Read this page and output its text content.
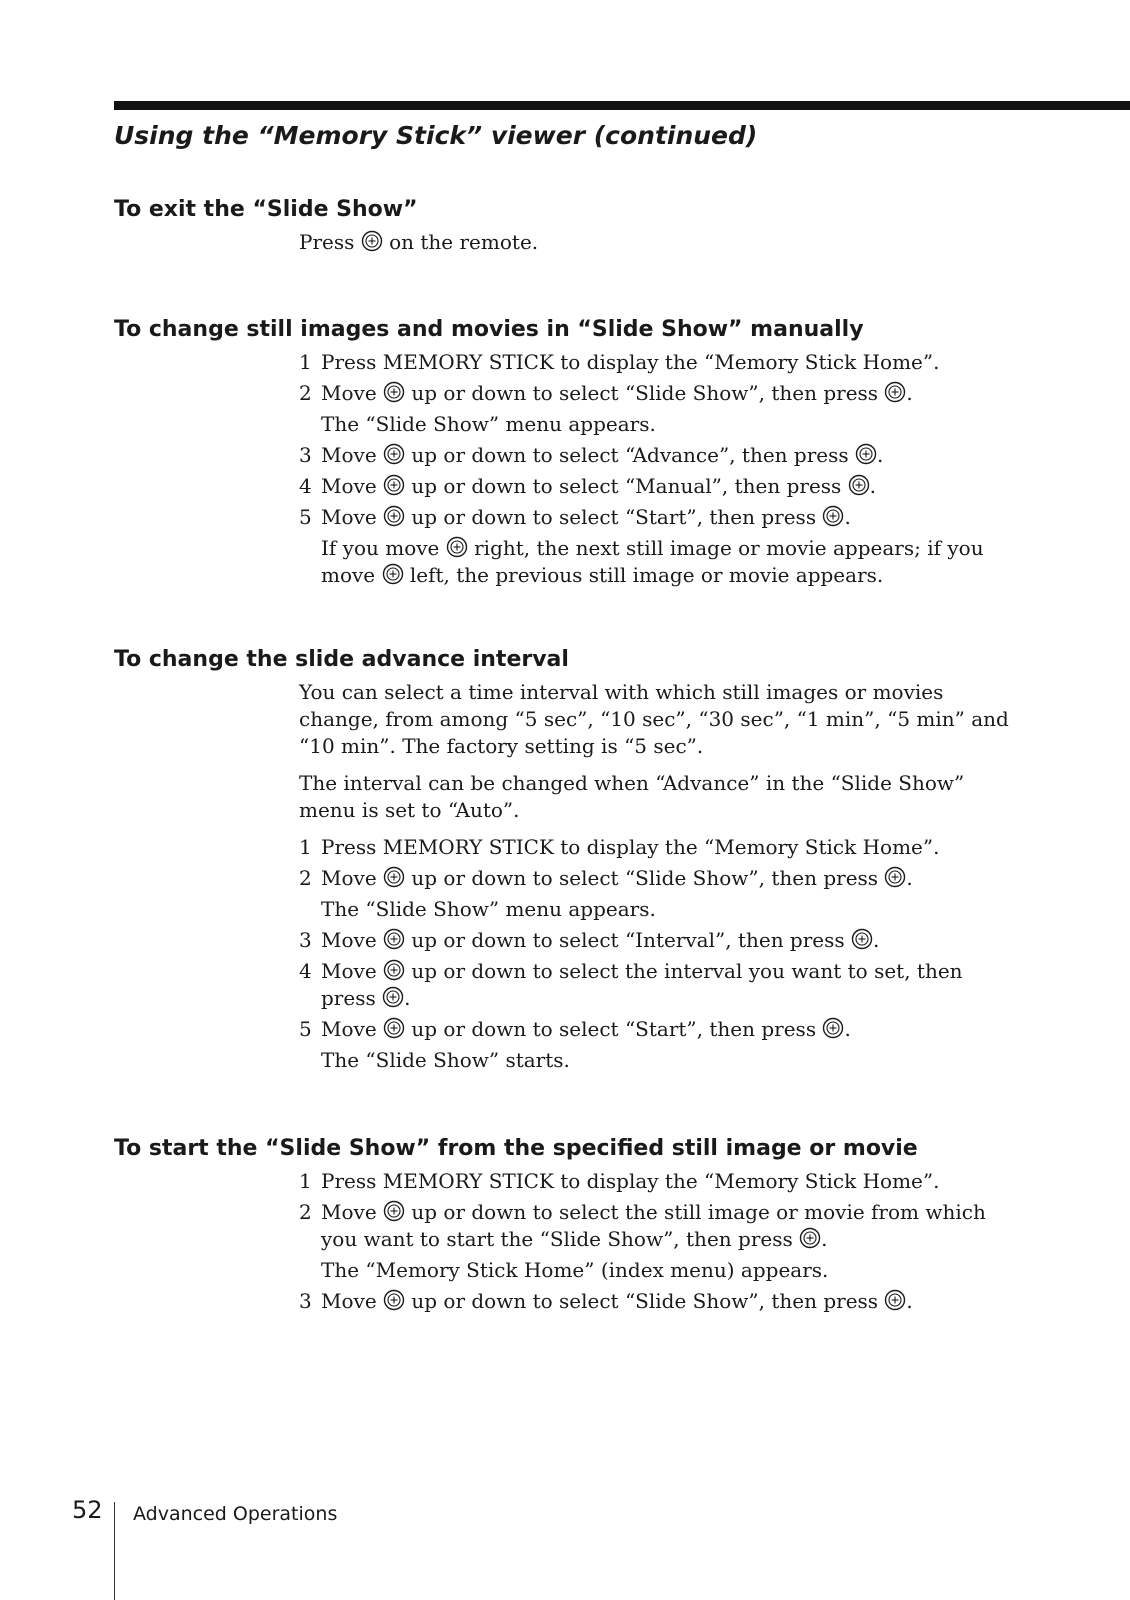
Using the “Memory Stick” viewer (continued)
To exit the “Slide Show”

Press on the remote.

To change still images and movies in “Slide Show” manually
1 Press MEMORY STICK to display the “Memory Stick Home”.
2 Move up or down to select “Slide Show”, then press .
The “Slide Show” menu appears.
3 Move up or down to select “Advance”, then press .
4 Move up or down to select “Manual”, then press .
5 Move up or down to select “Start”, then press .
If you move right, the next still image or movie appears; if you move left, the previous still image or movie appears.
To change the slide advance interval

You can select a time interval with which still images or movies change, from among “5 sec”, “10 sec”, “30 sec”, “1 min”, “5 min” and “10 min”. The factory setting is “5 sec”.

The interval can be changed when “Advance” in the “Slide Show” menu is set to “Auto”.

1 Press MEMORY STICK to display the “Memory Stick Home”.
2 Move up or down to select “Slide Show”, then press .
The “Slide Show” menu appears.
3 Move up or down to select “Interval”, then press .
4 Move up or down to select the interval you want to set, then press .
5 Move up or down to select “Start”, then press .
The “Slide Show” starts.
To start the “Slide Show” from the specified still image or movie
1 Press MEMORY STICK to display the “Memory Stick Home”.
2 Move up or down to select the still image or movie from which you want to start the “Slide Show”, then press .
The “Memory Stick Home” (index menu) appears.
3 Move up or down to select “Slide Show”, then press .
52 Advanced Operations
